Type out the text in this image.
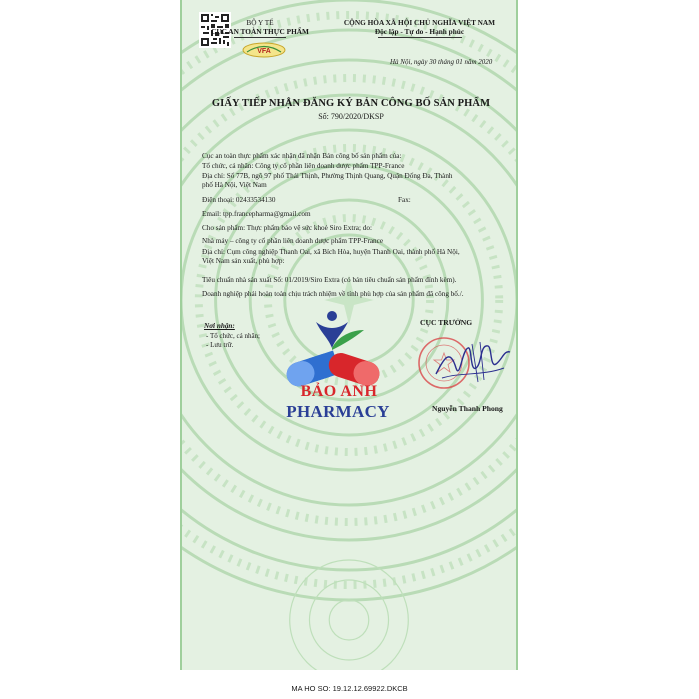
BỘ Y TẾ
CỤC AN TOÀN THỰC PHẨM
VFA
CỘNG HÒA XÃ HỘI CHỦ NGHĨA VIỆT NAM
Độc lập - Tự do - Hạnh phúc
Hà Nội, ngày 30 tháng 01 năm 2020
GIẤY TIẾP NHẬN ĐĂNG KÝ BẢN CÔNG BỐ SẢN PHẨM
Số: 790/2020/DKSP
Cục an toàn thực phẩm xác nhận đã nhận Bản công bố sản phẩm của:
Tổ chức, cá nhân: Công ty cổ phần liên doanh dược phẩm TPP-France
Địa chỉ: Số 77B, ngõ 97 phố Thái Thịnh, Phường Thịnh Quang, Quận Đống Đa, Thành
phố Hà Nội, Việt Nam
Điện thoại: 02433534130	Fax:
Email: tpp.francepharma@gmail.com
Cho sản phẩm: Thực phẩm bảo vệ sức khoẻ Siro Extra; do:
Nhà máy – công ty cổ phần liên doanh dược phẩm TPP-France
Địa chỉ: Cụm công nghiệp Thanh Oai, xã Bích Hòa, huyện Thanh Oai, thành phố Hà Nội,
Việt Nam sản xuất, phù hợp:
Tiêu chuẩn nhà sản xuất Số: 01/2019/Siro Extra (có bản tiêu chuẩn sản phẩm đính kèm).
Doanh nghiệp phải hoàn toàn chịu trách nhiệm về tính phù hợp của sản phẩm đã công bố./.
Nơi nhận:
- Tổ chức, cá nhân;
- Lưu trữ.
CỤC TRƯỞNG
Nguyễn Thanh Phong
BẢO ANH
PHARMACY
MA HO SO: 19.12.12.69922.DKCB
